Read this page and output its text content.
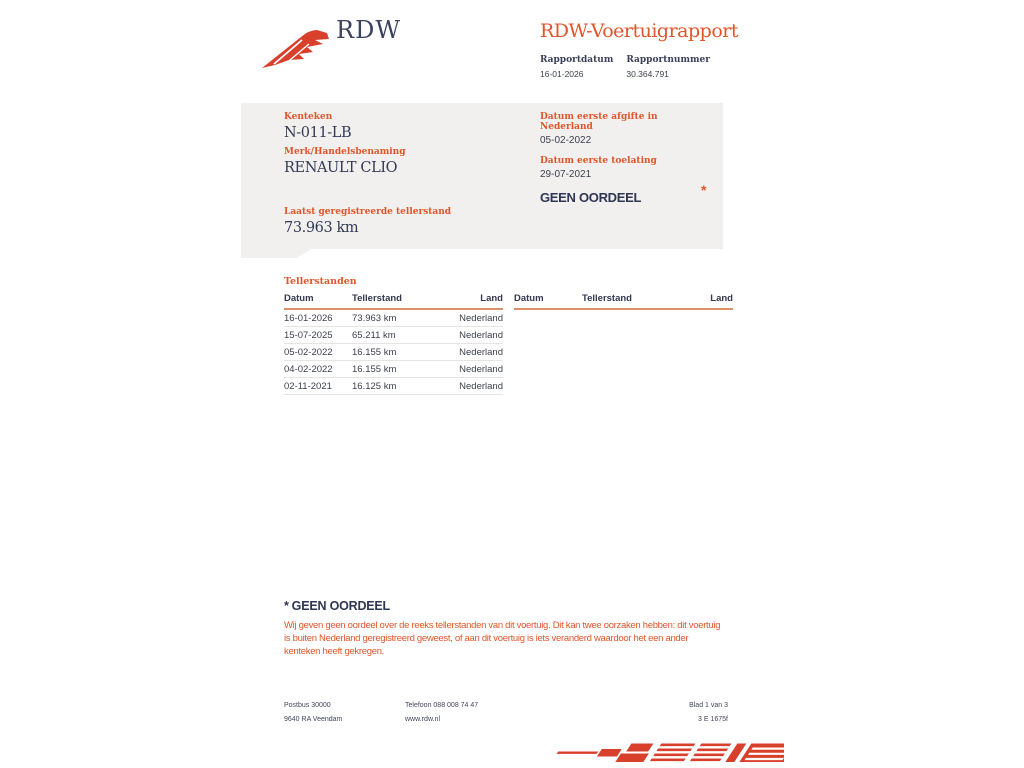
RDW	RDW-Voertuigrapport
Rapportdatum
16-01-2026
Rapportnummer
30.364.791
Kenteken
N-011-LB
Merk/Handelsbenaming
RENAULT CLIO
Laatst geregistreerde tellerstand
73.963 km
Datum eerste afgifte in Nederland
05-02-2022
Datum eerste toelating
29-07-2021
GEEN OORDEEL	*
Tellerstanden
Datum	Tellerstand	Land
16-01-2026	73.963 km	Nederland
15-07-2025	65.211 km	Nederland
05-02-2022	16.155 km	Nederland
04-02-2022	16.155 km	Nederland
02-11-2021	16.125 km	Nederland
Datum	Tellerstand	Land
* GEEN OORDEEL

Wij geven geen oordeel over de reeks tellerstanden van dit voertuig. Dit kan twee oorzaken hebben: dit voertuig is buiten Nederland geregistreerd geweest, of aan dit voertuig is iets veranderd waardoor het een ander kenteken heeft gekregen.

Postbus 30000
9640 RA Veendam
Telefoon 088 008 74 47
www.rdw.nl
Blad 1 van 3
3 E 1675f
